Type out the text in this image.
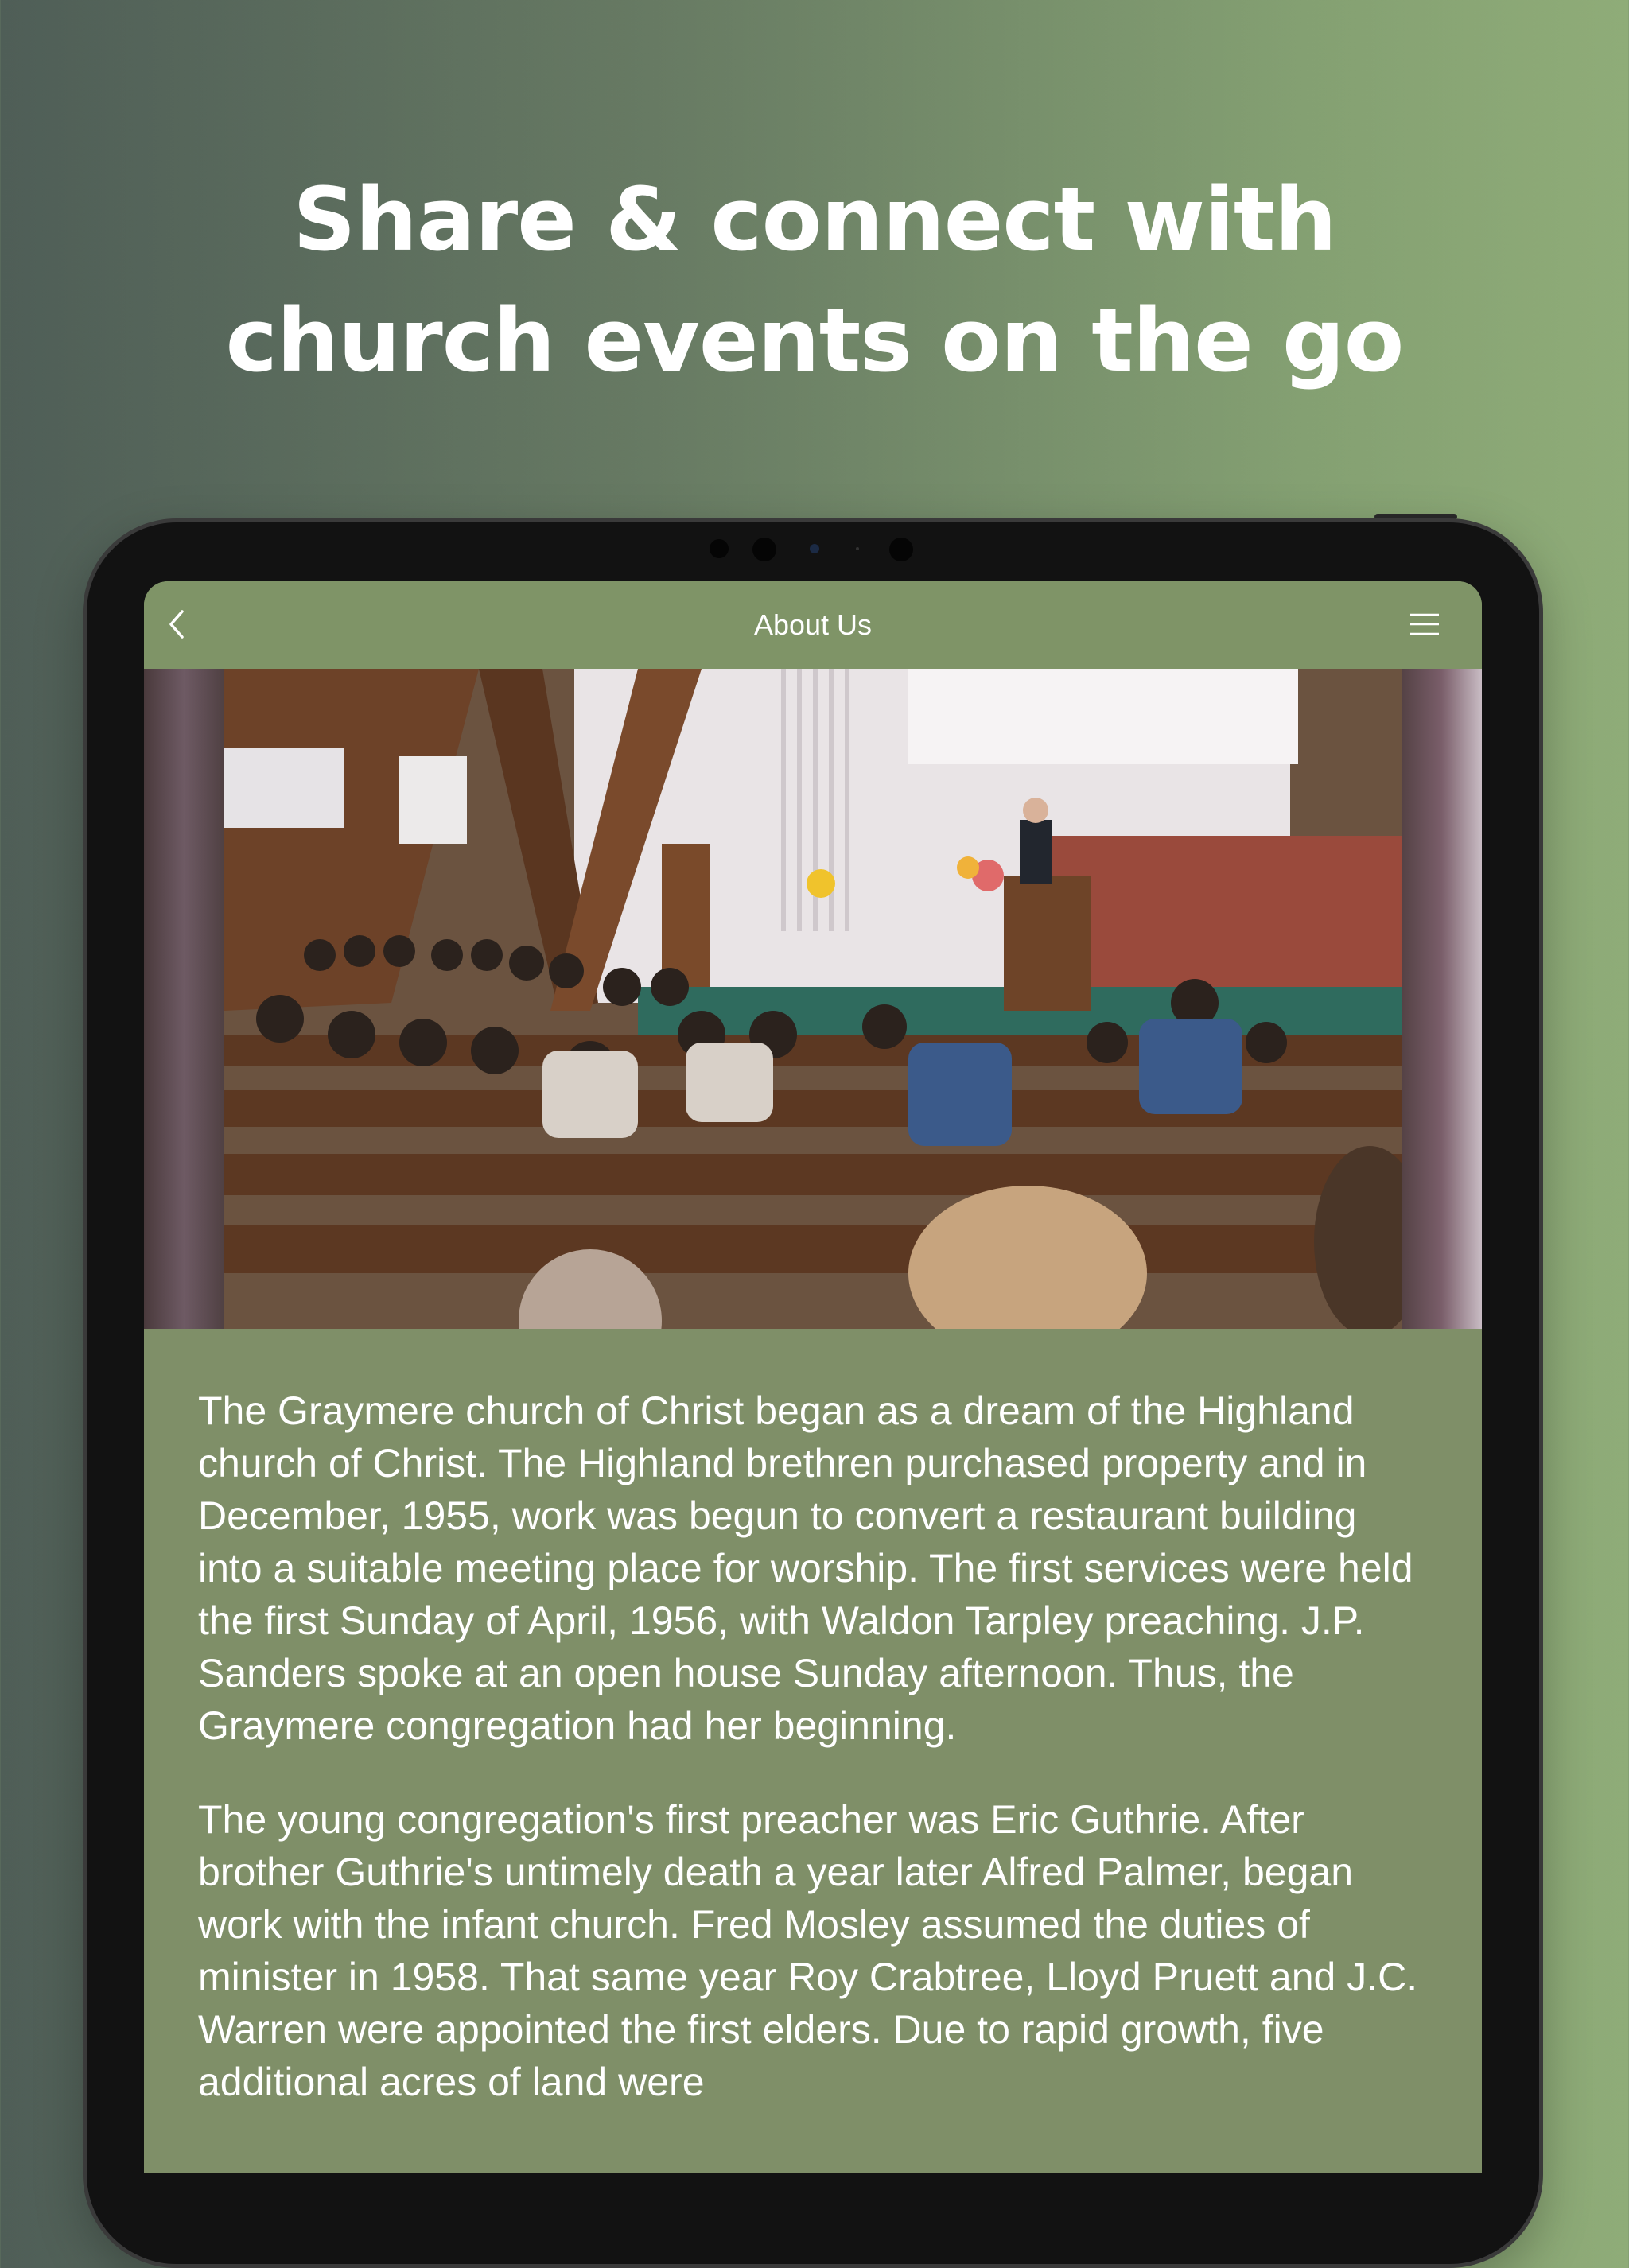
Share & connect with
church events on the go
About Us

The Graymere church of Christ began as a dream of the Highland church of Christ. The Highland brethren purchased property and in December, 1955, work was begun to convert a restaurant building into a suitable meeting place for worship. The first services were held the first Sunday of April, 1956, with Waldon Tarpley preaching. J.P. Sanders spoke at an open house Sunday afternoon. Thus, the Graymere congregation had her beginning.

The young congregation's first preacher was Eric Guthrie. After brother Guthrie's untimely death a year later Alfred Palmer, began work with the infant church. Fred Mosley assumed the duties of minister in 1958. That same year Roy Crabtree, Lloyd Pruett and J.C. Warren were appointed the first elders. Due to rapid growth, five additional acres of land were
